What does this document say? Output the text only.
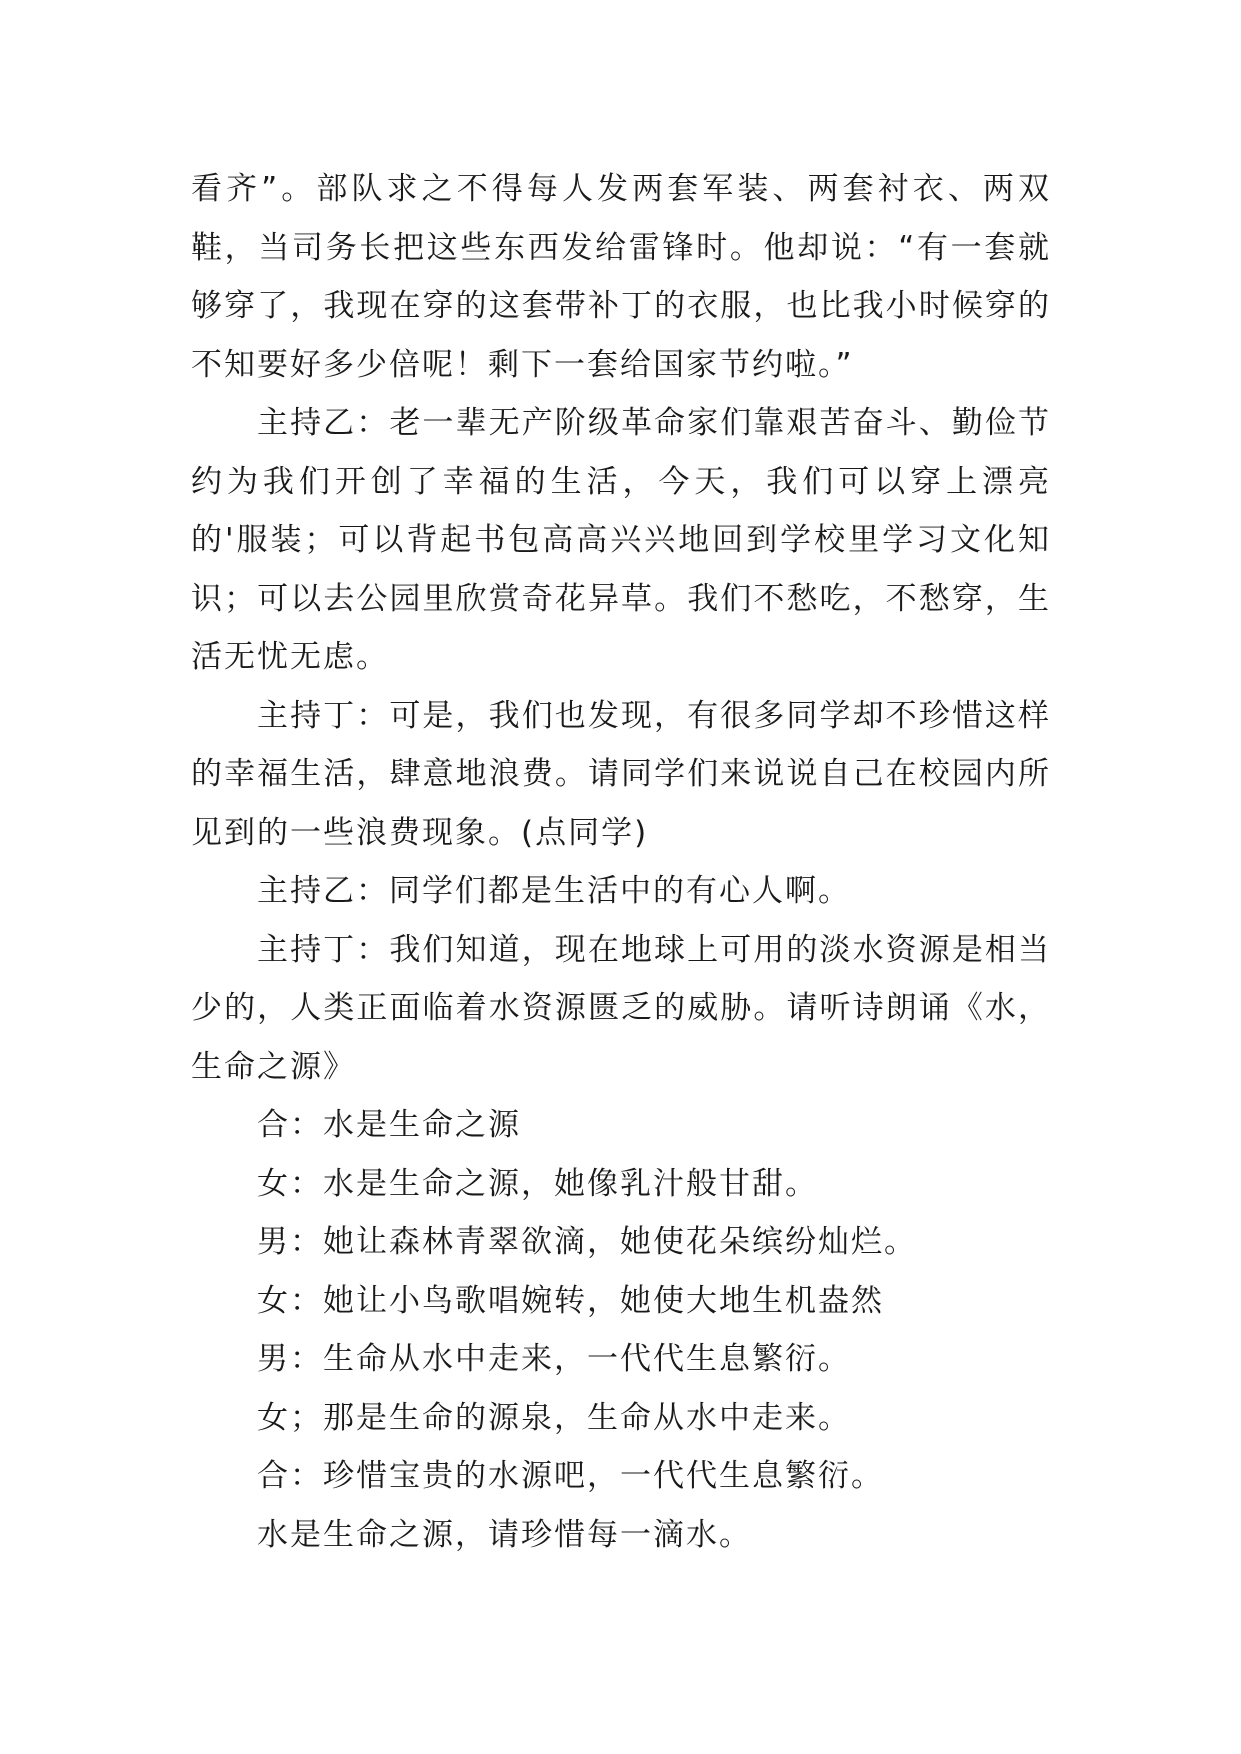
看齐”。部队求之不得每人发两套军装、两套衬衣、两双鞋，当司务长把这些东西发给雷锋时。他却说：“有一套就够穿了，我现在穿的这套带补丁的衣服，也比我小时候穿的不知要好多少倍呢！剩下一套给国家节约啦。”

主持乙：老一辈无产阶级革命家们靠艰苦奋斗、勤俭节约为我们开创了幸福的生活，今天，我们可以穿上漂亮的'服装；可以背起书包高高兴兴地回到学校里学习文化知识；可以去公园里欣赏奇花异草。我们不愁吃，不愁穿，生活无忧无虑。

主持丁：可是，我们也发现，有很多同学却不珍惜这样的幸福生活，肆意地浪费。请同学们来说说自己在校园内所见到的一些浪费现象。(点同学)

主持乙：同学们都是生活中的有心人啊。

主持丁：我们知道，现在地球上可用的淡水资源是相当少的，人类正面临着水资源匮乏的威胁。请听诗朗诵《水，生命之源》

合：水是生命之源

女：水是生命之源，她像乳汁般甘甜。

男：她让森林青翠欲滴，她使花朵缤纷灿烂。

女：她让小鸟歌唱婉转，她使大地生机盎然

男：生命从水中走来，一代代生息繁衍。

女；那是生命的源泉，生命从水中走来。

合：珍惜宝贵的水源吧，一代代生息繁衍。

水是生命之源，请珍惜每一滴水。
